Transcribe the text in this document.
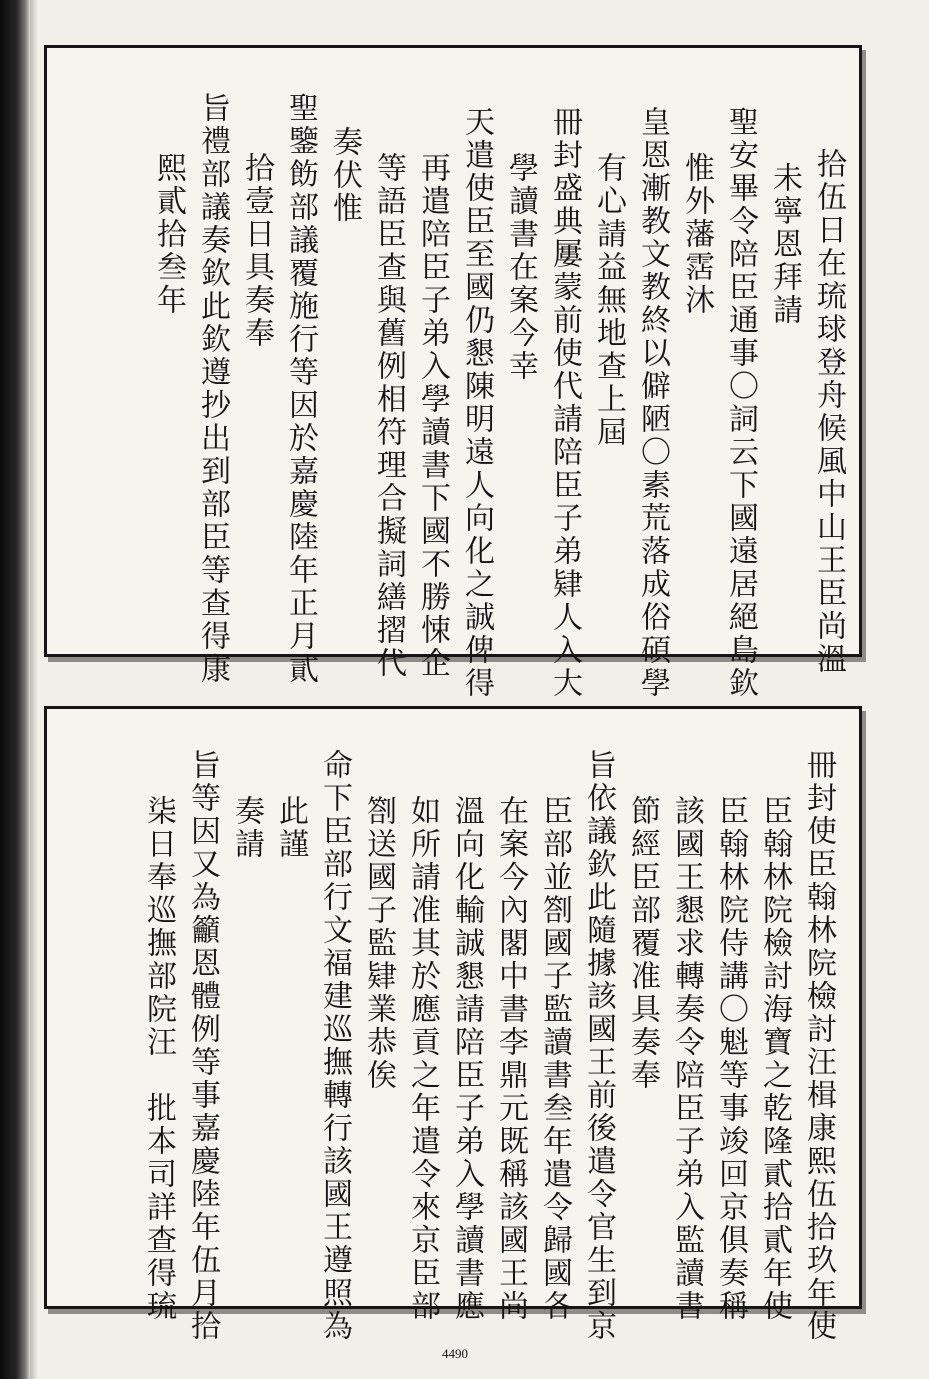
拾伍日在琉球登舟候風中山王臣尚溫
未寧恩拜請
聖安畢令陪臣通事〇詞云下國遠居絕島欽
惟外藩霑沐
皇恩漸教文教終以僻陋〇素荒落成俗碩學
有心請益無地查上屆
冊封盛典屢蒙前使代請陪臣子弟肄人入大
學讀書在案今幸
天遣使臣至國仍懇陳明遠人向化之誠俾得
再遣陪臣子弟入學讀書下國不勝悚企
等語臣查與舊例相符理合擬詞繕摺代
奏伏惟
聖鑒飭部議覆施行等因於嘉慶陸年正月貳
拾壹日具奏奉
旨禮部議奏欽此欽遵抄出到部臣等查得康
熙貳拾叁年
冊封使臣翰林院檢討汪楫康熙伍拾玖年使
臣翰林院檢討海寶之乾隆貳拾貳年使
臣翰林院侍講〇魁等事竣回京俱奏稱
該國王懇求轉奏令陪臣子弟入監讀書
節經臣部覆准具奏奉
旨依議欽此隨據該國王前後遣令官生到京
臣部並劄國子監讀書叁年遣令歸國各
在案今內閣中書李鼎元既稱該國王尚
溫向化輸誠懇請陪臣子弟入學讀書應
如所請准其於應貢之年遣令來京臣部
劄送國子監肄業恭俟
命下臣部行文福建巡撫轉行該國王遵照為
此謹
奏請
旨等因又為籲恩體例等事嘉慶陸年伍月拾
柒日奉巡撫部院汪　批本司詳查得琉
4490
